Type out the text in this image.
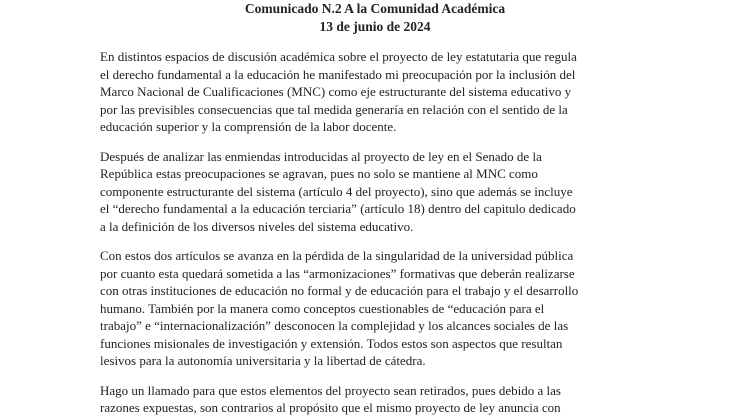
Comunicado N.2 A la Comunidad Académica
13 de junio de 2024
En distintos espacios de discusión académica sobre el proyecto de ley estatutaria que regula
el derecho fundamental a la educación he manifestado mi preocupación por la inclusión del
Marco Nacional de Cualificaciones (MNC) como eje estructurante del sistema educativo y
por las previsibles consecuencias que tal medida generaría en relación con el sentido de la
educación superior y la comprensión de la labor docente.
Después de analizar las enmiendas introducidas al proyecto de ley en el Senado de la
República estas preocupaciones se agravan, pues no solo se mantiene al MNC como
componente estructurante del sistema (artículo 4 del proyecto), sino que además se incluye
el “derecho fundamental a la educación terciaria” (artículo 18) dentro del capitulo dedicado
a la definición de los diversos niveles del sistema educativo.
Con estos dos artículos se avanza en la pérdida de la singularidad de la universidad pública
por cuanto esta quedará sometida a las “armonizaciones” formativas que deberán realizarse
con otras instituciones de educación no formal y de educación para el trabajo y el desarrollo
humano. También por la manera como conceptos cuestionables de “educación para el
trabajo” e “internacionalización” desconocen la complejidad y los alcances sociales de las
funciones misionales de investigación y extensión. Todos estos son aspectos que resultan
lesivos para la autonomía universitaria y la libertad de cátedra.
Hago un llamado para que estos elementos del proyecto sean retirados, pues debido a las
razones expuestas, son contrarios al propósito que el mismo proyecto de ley anuncia con
